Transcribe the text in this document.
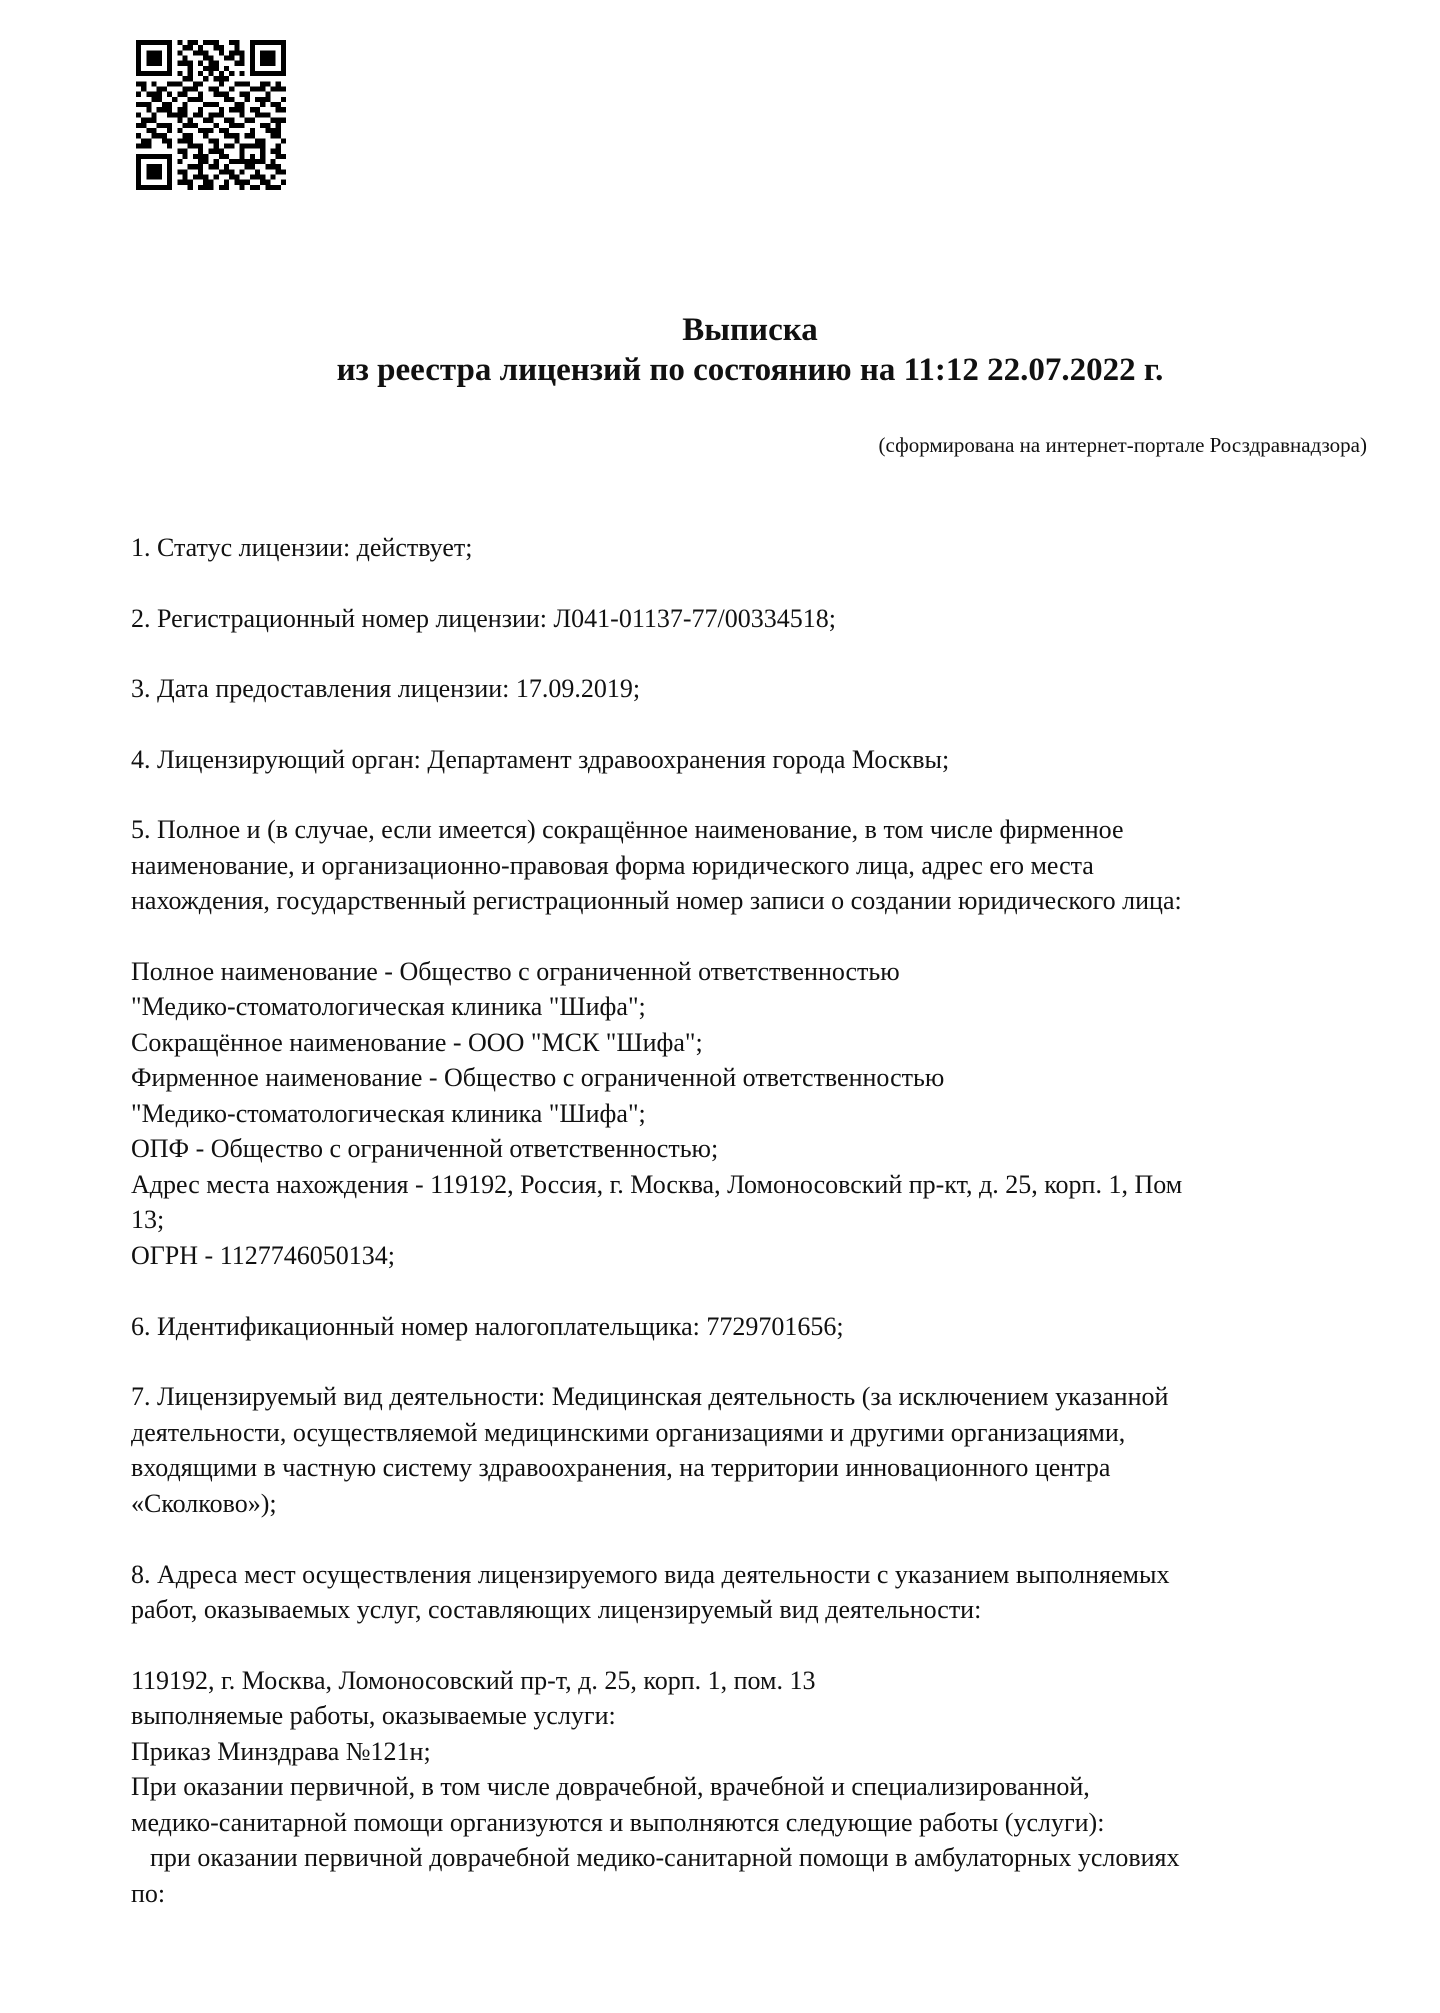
Выписка
из реестра лицензий по состоянию на 11:12 22.07.2022 г.
(сформирована на интернет-портале Росздравнадзора)
1. Статус лицензии: действует;
2. Регистрационный номер лицензии: Л041-01137-77/00334518;
3. Дата предоставления лицензии: 17.09.2019;
4. Лицензирующий орган: Департамент здравоохранения города Москвы;
5. Полное и (в случае, если имеется) сокращённое наименование, в том числе фирменное
наименование, и организационно-правовая форма юридического лица, адрес его места
нахождения, государственный регистрационный номер записи о создании юридического лица:
Полное наименование - Общество с ограниченной ответственностью
"Медико-стоматологическая клиника "Шифа";
Сокращённое наименование - ООО "МСК "Шифа";
Фирменное наименование - Общество с ограниченной ответственностью
"Медико-стоматологическая клиника "Шифа";
ОПФ - Общество с ограниченной ответственностью;
Адрес места нахождения - 119192, Россия, г. Москва, Ломоносовский пр-кт, д. 25, корп. 1, Пом
13;
ОГРН - 1127746050134;
6. Идентификационный номер налогоплательщика: 7729701656;
7. Лицензируемый вид деятельности: Медицинская деятельность (за исключением указанной
деятельности, осуществляемой медицинскими организациями и другими организациями,
входящими в частную систему здравоохранения, на территории инновационного центра
«Сколково»);
8. Адреса мест осуществления лицензируемого вида деятельности с указанием выполняемых
работ, оказываемых услуг, составляющих лицензируемый вид деятельности:
119192, г. Москва, Ломоносовский пр-т, д. 25, корп. 1, пом. 13
выполняемые работы, оказываемые услуги:
Приказ Минздрава №121н;
При оказании первичной, в том числе доврачебной, врачебной и специализированной,
медико-санитарной помощи организуются и выполняются следующие работы (услуги):
при оказании первичной доврачебной медико-санитарной помощи в амбулаторных условиях
по:
